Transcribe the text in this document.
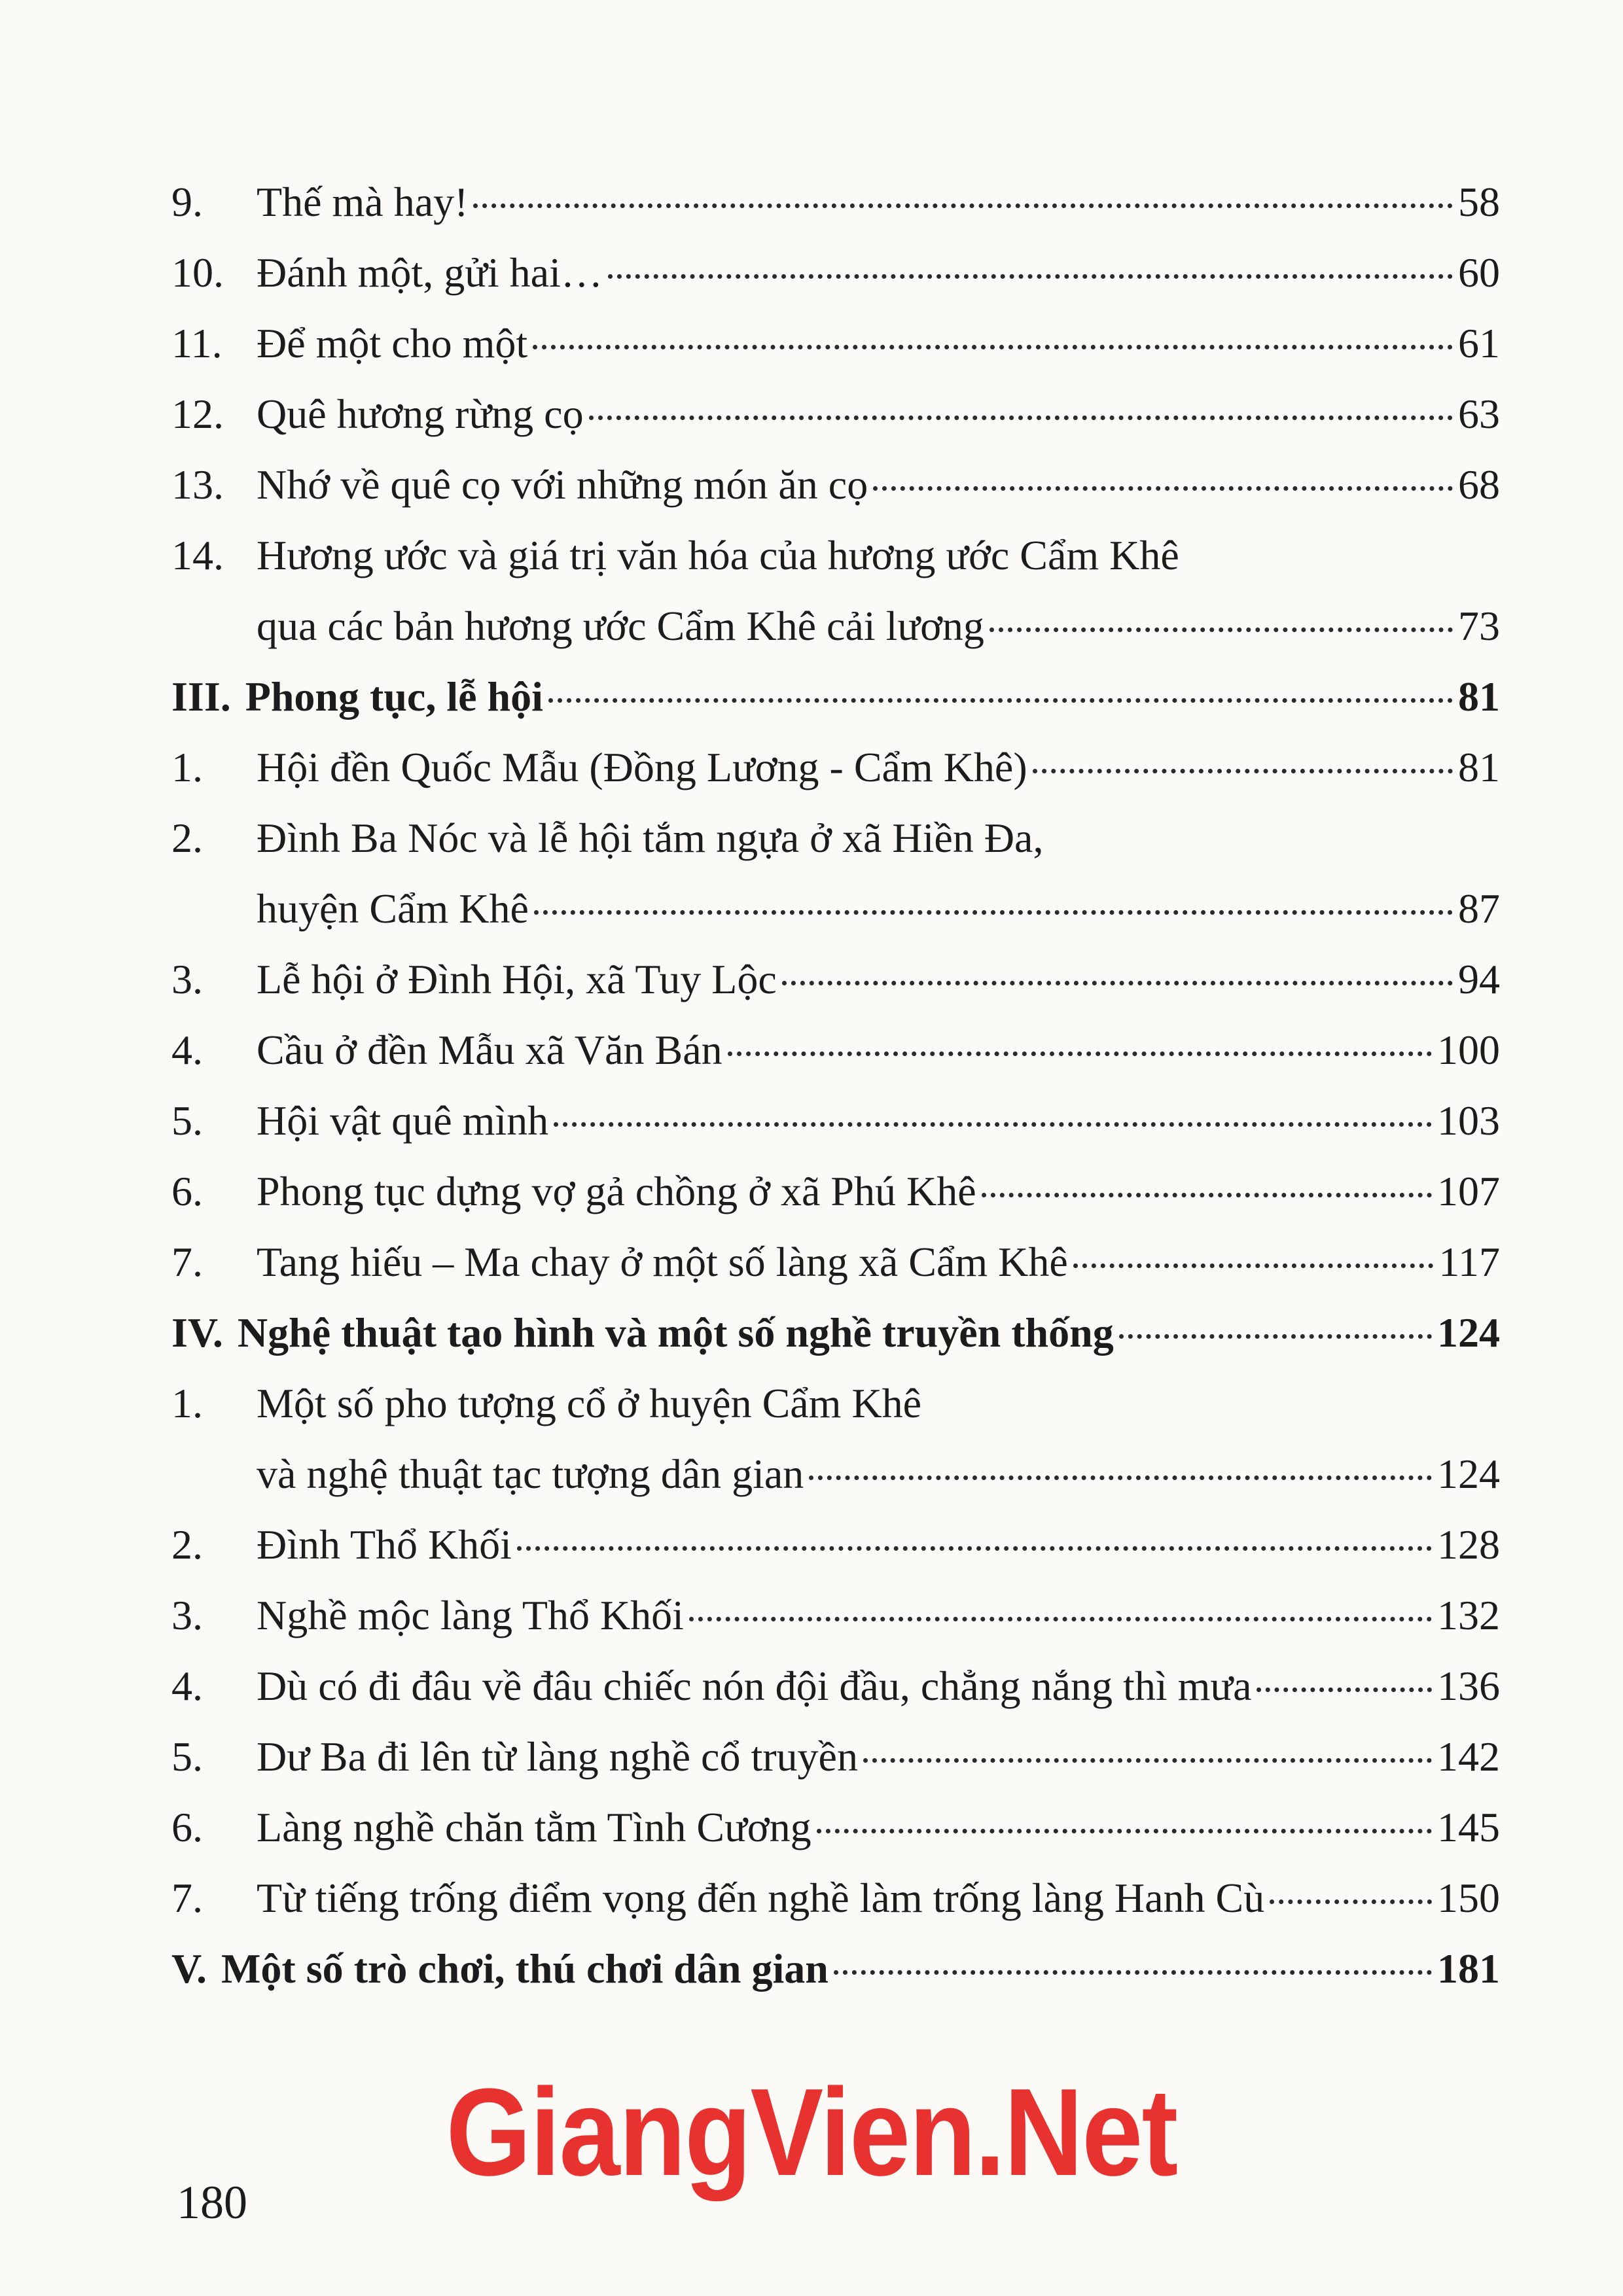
9.	Thế mà hay!	58
10. Đánh một, gửi hai…	60
11. Để một cho một	61
12. Quê hương rừng cọ	63
13. Nhớ về quê cọ với những món ăn cọ	68
14. Hương ước và giá trị văn hóa của hương ước Cẩm Khê
qua các bản hương ước Cẩm Khê cải lương	73
III. Phong tục, lễ hội	81
1.	Hội đền Quốc Mẫu (Đồng Lương - Cẩm Khê)	81
2.	Đình Ba Nóc và lễ hội tắm ngựa ở xã Hiền Đa,
huyện Cẩm Khê	87
3.	Lễ hội ở Đình Hội, xã Tuy Lộc	94
4.	Cầu ở đền Mẫu xã Văn Bán	100
5.	Hội vật quê mình	103
6.	Phong tục dựng vợ gả chồng ở xã Phú Khê	107
7.	Tang hiếu – Ma chay ở một số làng xã Cẩm Khê	117
IV. Nghệ thuật tạo hình và một số nghề truyền thống	124
1.	Một số pho tượng cổ ở huyện Cẩm Khê
và nghệ thuật tạc tượng dân gian	124
2.	Đình Thổ Khối	128
3.	Nghề mộc làng Thổ Khối	132
4.	Dù có đi đâu về đâu chiếc nón đội đầu, chẳng nắng thì mưa	136
5.	Dư Ba đi lên từ làng nghề cổ truyền	142
6.	Làng nghề chăn tằm Tình Cương	145
7.	Từ tiếng trống điểm vọng đến nghề làm trống làng Hanh Cù	150
V. Một số trò chơi, thú chơi dân gian	181
GiangVien.Net
180
